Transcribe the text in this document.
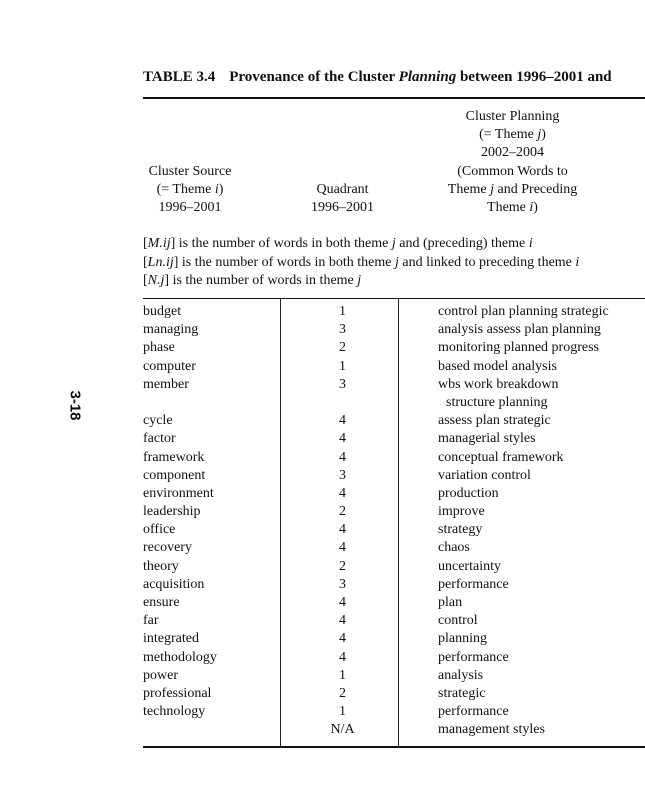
3-18
TABLE 3.4 Provenance of the Cluster Planning between 1996–2001 and
Cluster Source
(= Theme i)
1996–2001
Quadrant
1996–2001
Cluster Planning
(= Theme j)
2002–2004
(Common Words to
Theme j and Preceding
Theme i)
[M.ij] is the number of words in both theme j and (preceding) theme i
[Ln.ij] is the number of words in both theme j and linked to preceding theme i
[N.j] is the number of words in theme j
budget
managing
phase
computer
member
cycle
factor
framework
component
environment
leadership
office
recovery
theory
acquisition
ensure
far
integrated
methodology
power
professional
technology
1
3
2
1
3
4
4
4
3
4
2
4
4
2
3
4
4
4
4
1
2
1
N/A
control plan planning strategic
analysis assess plan planning
monitoring planned progress
based model analysis
wbs work breakdown
structure planning
assess plan strategic
managerial styles
conceptual framework
variation control
production
improve
strategy
chaos
uncertainty
performance
plan
control
planning
performance
analysis
strategic
performance
management styles
